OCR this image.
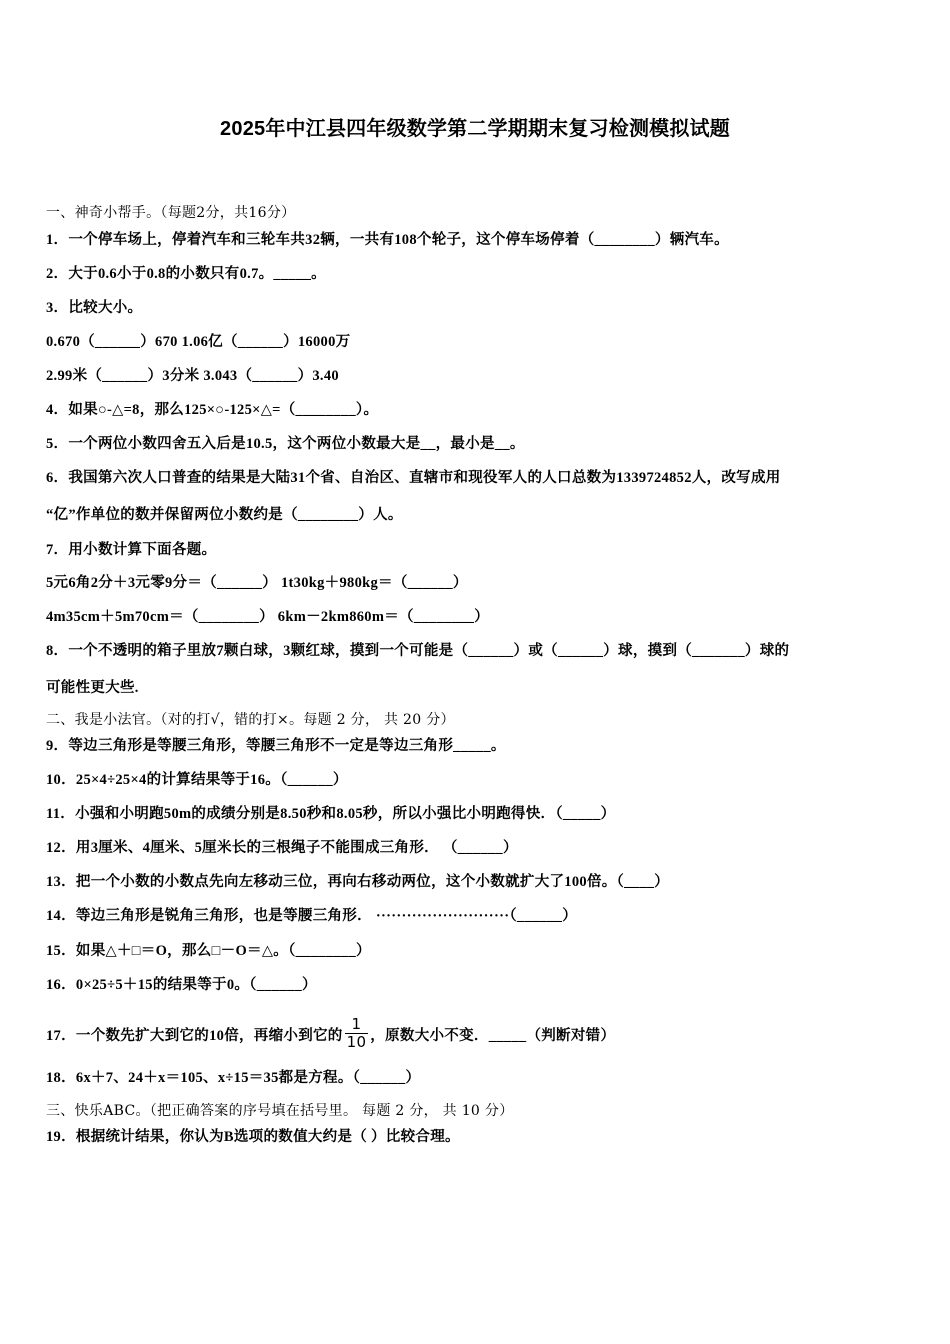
2025年中江县四年级数学第二学期期末复习检测模拟试题
一、神奇小帮手。（每题2分，共16分）
1．一个停车场上，停着汽车和三轮车共32辆，一共有108个轮子，这个停车场停着（________）辆汽车。
2．大于0.6小于0.8的小数只有0.7。_____。
3．比较大小。
0.670（______）670 1.06亿（______）16000万
2.99米（______）3分米 3.043（______）3.40
4．如果○-△=8，那么125×○-125×△=（________）。
5．一个两位小数四舍五入后是10.5，这个两位小数最大是__，最小是__。
6．我国第六次人口普查的结果是大陆31个省、自治区、直辖市和现役军人的人口总数为1339724852人，改写成用
“亿”作单位的数并保留两位小数约是（________）人。
7．用小数计算下面各题。
5元6角2分＋3元零9分＝（______） 1t30kg＋980kg＝（______）
4m35cm＋5m70cm＝（________） 6km－2km860m＝（________）
8．一个不透明的箱子里放7颗白球，3颗红球，摸到一个可能是（______）或（______）球，摸到（_______）球的
可能性更大些.
二、我是小法官。（对的打√，错的打×。每题 2 分， 共 20 分）
9．等边三角形是等腰三角形，等腰三角形不一定是等边三角形_____。
10．25×4÷25×4的计算结果等于16。（______）
11．小强和小明跑50m的成绩分别是8.50秒和8.05秒，所以小强比小明跑得快．（_____）
12．用3厘米、4厘米、5厘米长的三根绳子不能围成三角形． （______）
13．把一个小数的小数点先向左移动三位，再向右移动两位，这个小数就扩大了100倍。（____）
14．等边三角形是锐角三角形，也是等腰三角形． ··························（______）
15．如果△＋□＝O，那么□－O＝△。（________）
16．0×25÷5＋15的结果等于0。（______）
17．一个数先扩大到它的10倍，再缩小到它的 $\frac{1}{10}$ ，原数大小不变．_____（判断对错）
18．6x＋7、24＋x＝105、x÷15＝35都是方程。（______）
三、快乐ABC。（把正确答案的序号填在括号里。 每题 2 分， 共 10 分）
19．根据统计结果，你认为B选项的数值大约是（ ）比较合理。
